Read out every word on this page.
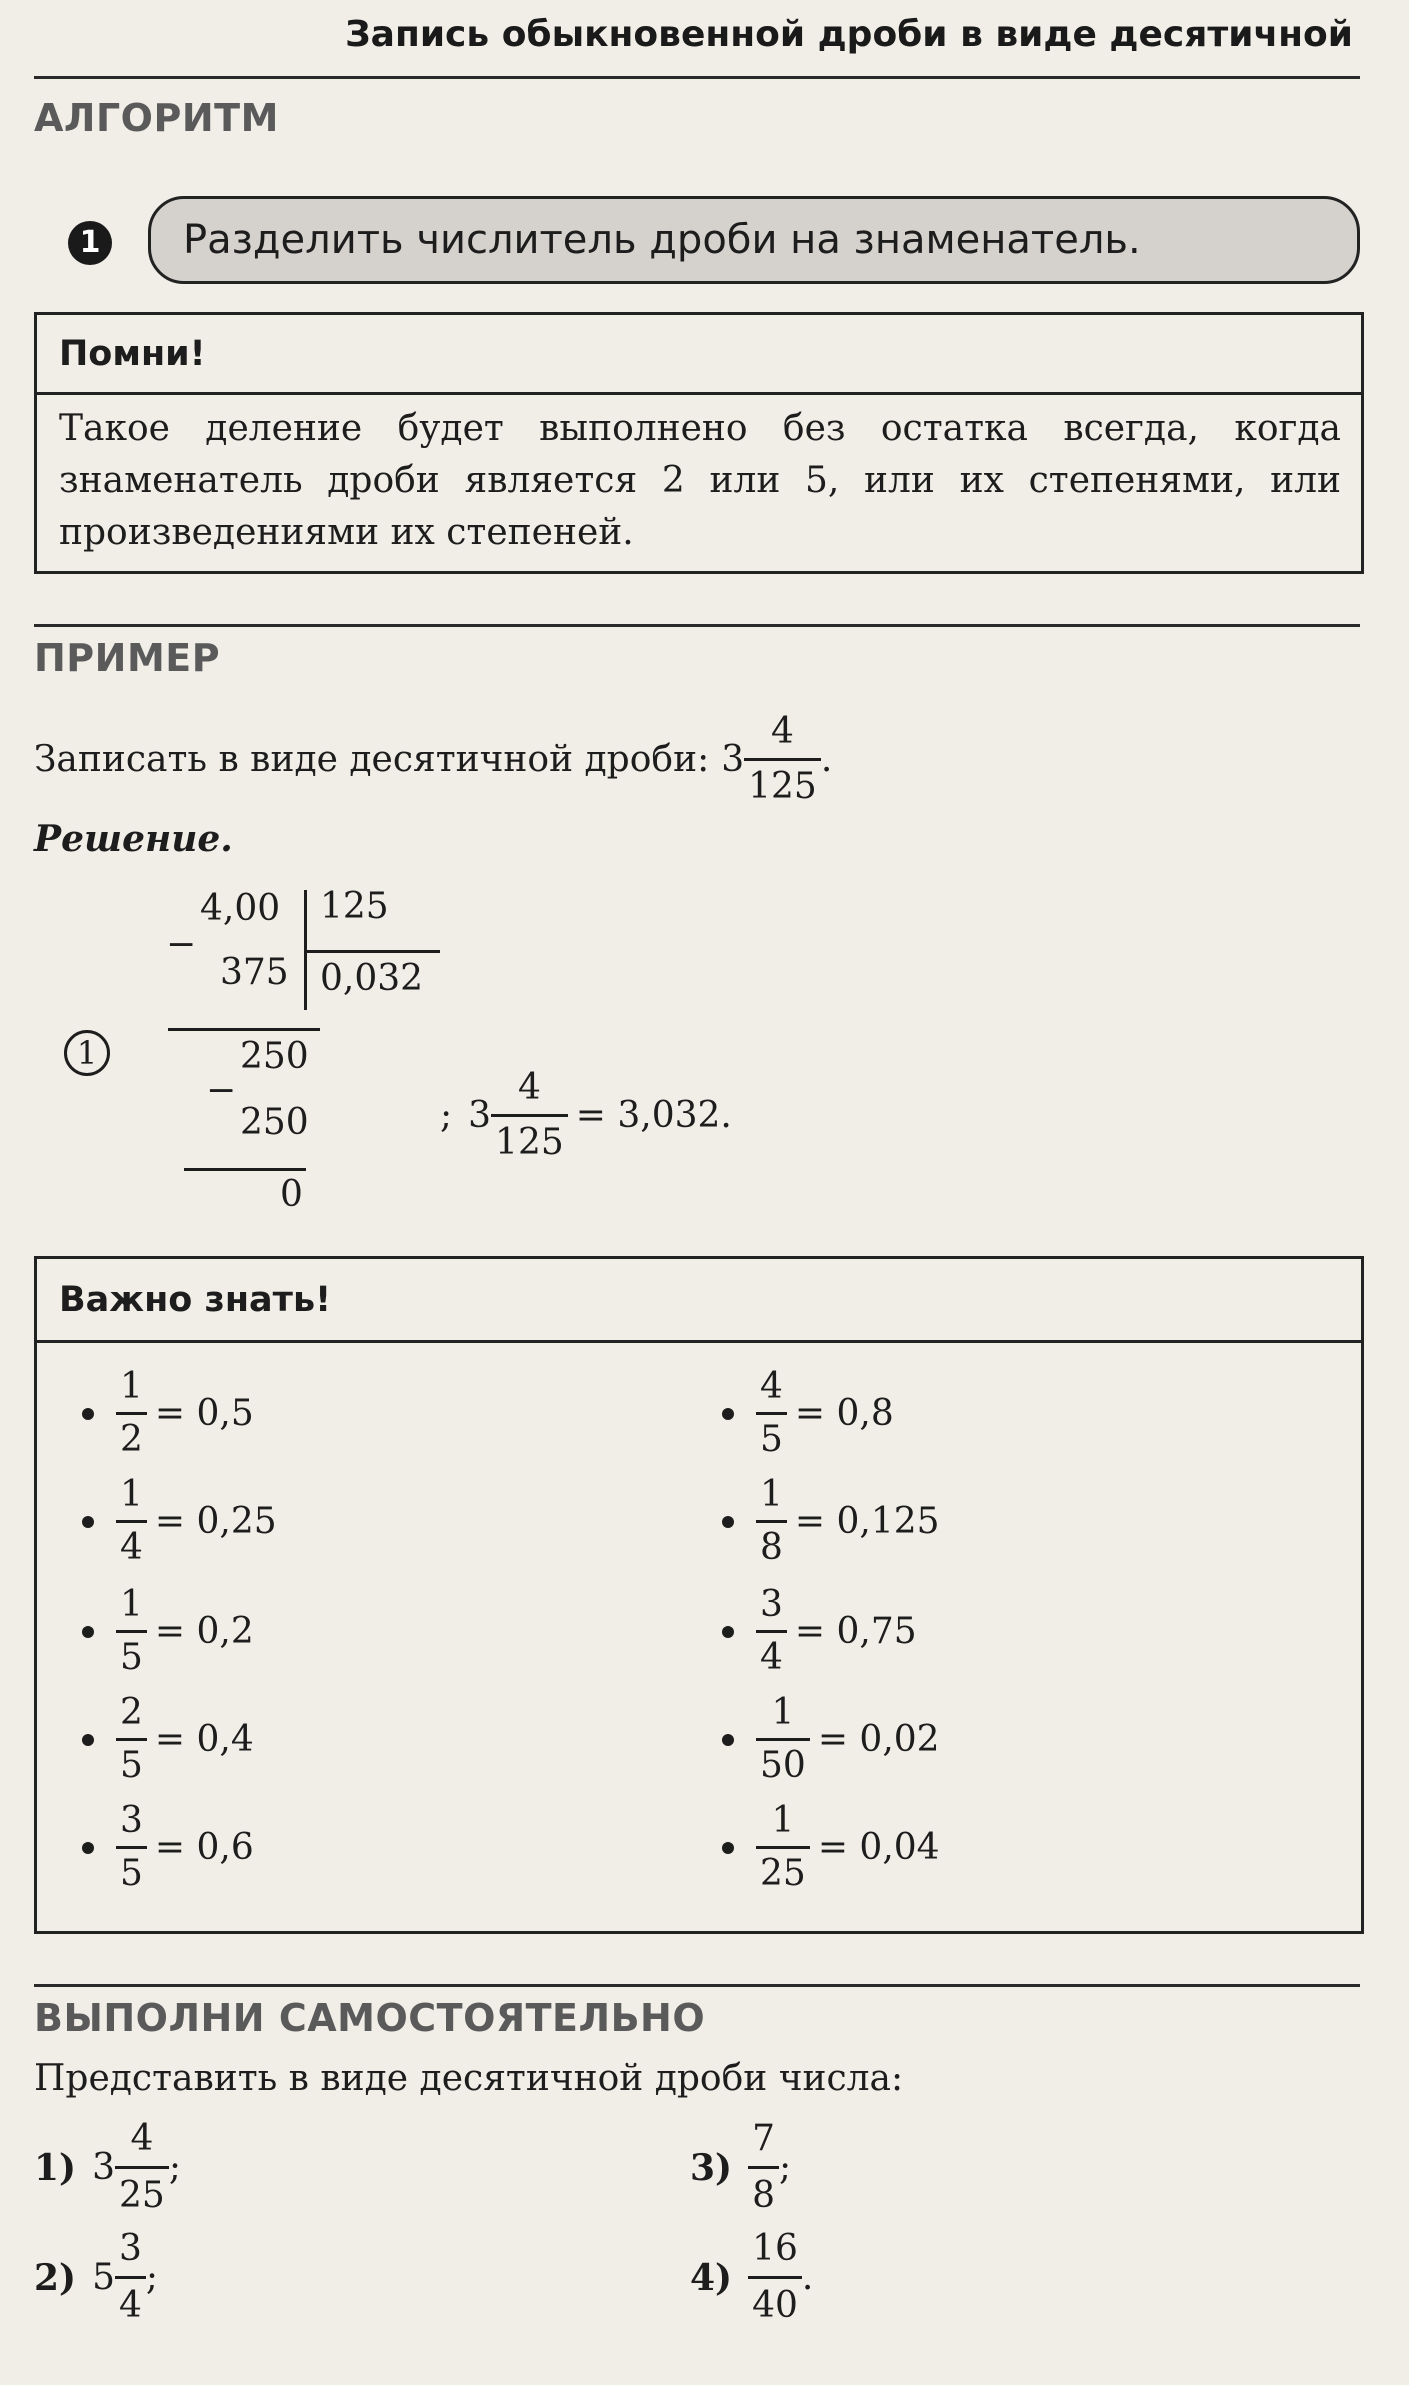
Запись обыкновенной дроби в виде десятичной
АЛГОРИТМ
1	Разделить числитель дроби на знаменатель.
Помни!
Такое деление будет выполнено без остатка всегда, когда знаменатель дроби является 2 или 5, или их степенями, или произведениями их степеней.
ПРИМЕР
Записать в виде десятичной дроби: $3 \frac{4}{125}$ .
Решение.
−
4,00
375
125
0,032
250
−
250
0
1
; $3 \frac{4}{125} = 3,032$.
Важно знать!
$\frac{1}{2} = 0,5$
$\frac{1}{4} = 0,25$
$\frac{1}{5} = 0,2$
$\frac{2}{5} = 0,4$
$\frac{3}{5} = 0,6$
$\frac{4}{5} = 0,8$
$\frac{1}{8} = 0,125$
$\frac{3}{4} = 0,75$
$\frac{1}{50} = 0,02$
$\frac{1}{25} = 0,04$
ВЫПОЛНИ САМОСТОЯТЕЛЬНО
Представить в виде десятичной дроби числа:
1) $3 \frac{4}{25}$ ;
2) $5 \frac{3}{4}$ ;
$3) \frac{7}{8}$ ;
$4) \frac{16}{40}$ .
